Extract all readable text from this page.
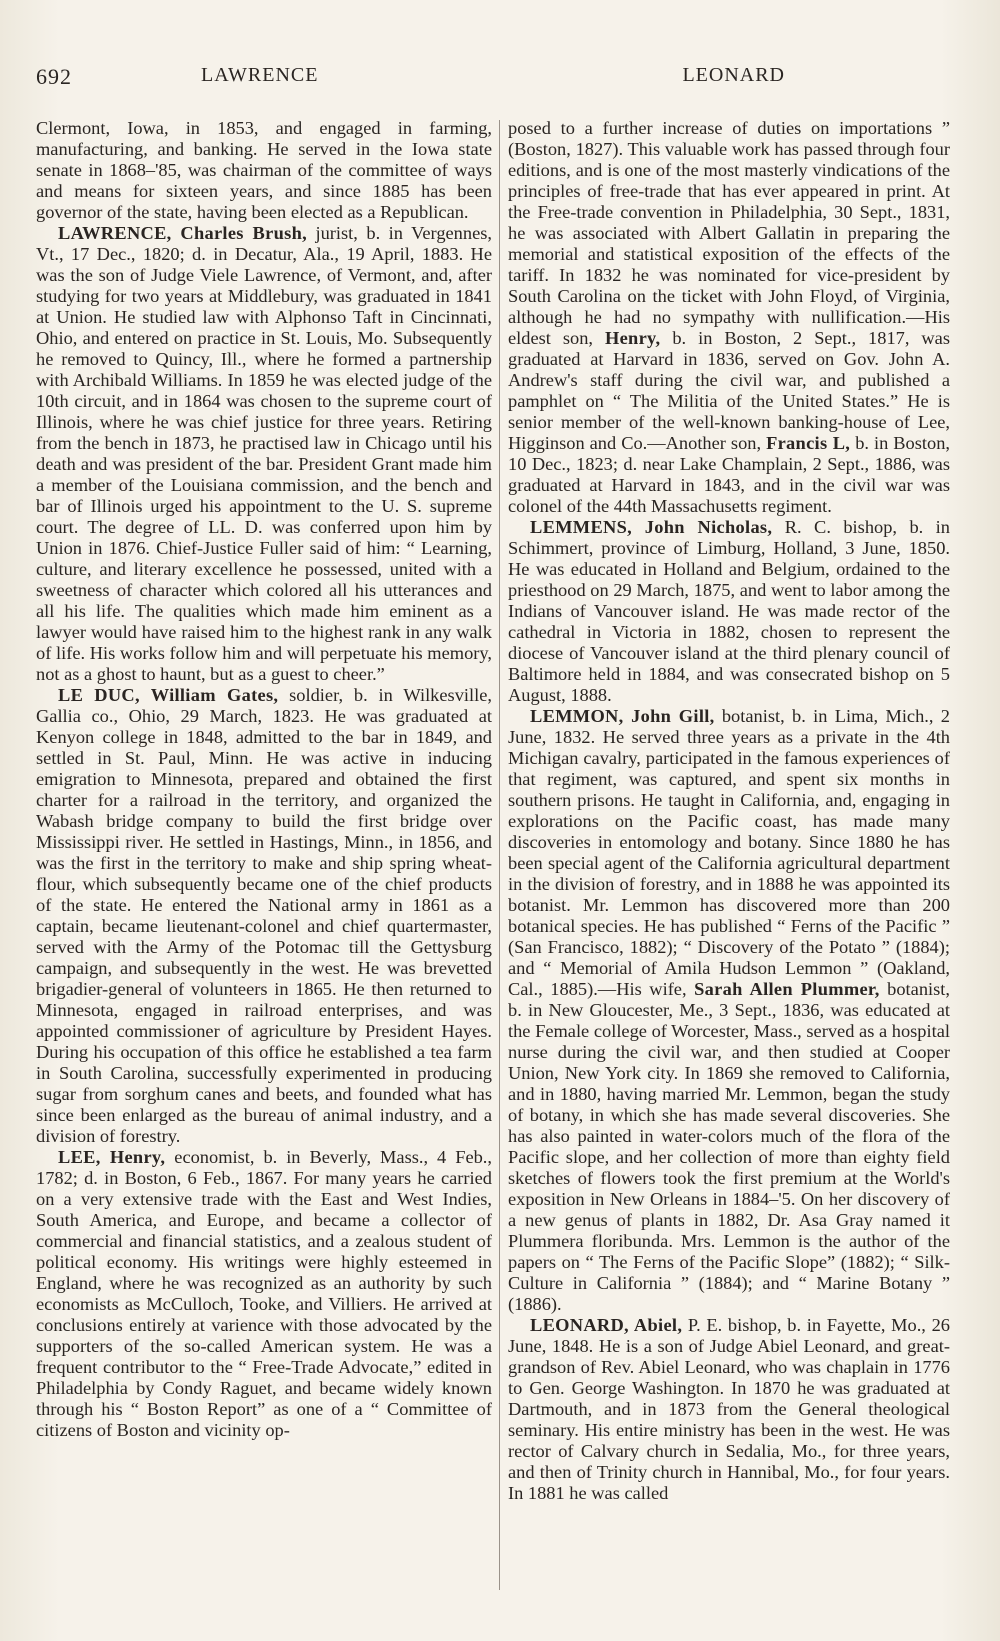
692	LAWRENCE	LEONARD

Clermont, Iowa, in 1853, and engaged in farming, manufacturing, and banking. He served in the Iowa state senate in 1868–'85, was chairman of the committee of ways and means for sixteen years, and since 1885 has been governor of the state, having been elected as a Republican.

LAWRENCE, Charles Brush, jurist, b. in Vergennes, Vt., 17 Dec., 1820; d. in Decatur, Ala., 19 April, 1883. He was the son of Judge Viele Lawrence, of Vermont, and, after studying for two years at Middlebury, was graduated in 1841 at Union. He studied law with Alphonso Taft in Cincinnati, Ohio, and entered on practice in St. Louis, Mo. Subsequently he removed to Quincy, Ill., where he formed a partnership with Archibald Williams. In 1859 he was elected judge of the 10th circuit, and in 1864 was chosen to the supreme court of Illinois, where he was chief justice for three years. Retiring from the bench in 1873, he practised law in Chicago until his death and was president of the bar. President Grant made him a member of the Louisiana commission, and the bench and bar of Illinois urged his appointment to the U. S. supreme court. The degree of LL. D. was conferred upon him by Union in 1876. Chief-Justice Fuller said of him: “ Learning, culture, and literary excellence he possessed, united with a sweetness of character which colored all his utterances and all his life. The qualities which made him eminent as a lawyer would have raised him to the highest rank in any walk of life. His works follow him and will perpetuate his memory, not as a ghost to haunt, but as a guest to cheer.”

LE DUC, William Gates, soldier, b. in Wilkesville, Gallia co., Ohio, 29 March, 1823. He was graduated at Kenyon college in 1848, admitted to the bar in 1849, and settled in St. Paul, Minn. He was active in inducing emigration to Minnesota, prepared and obtained the first charter for a railroad in the territory, and organized the Wabash bridge company to build the first bridge over Mississippi river. He settled in Hastings, Minn., in 1856, and was the first in the territory to make and ship spring wheat-flour, which subsequently became one of the chief products of the state. He entered the National army in 1861 as a captain, became lieutenant-colonel and chief quartermaster, served with the Army of the Potomac till the Gettysburg campaign, and subsequently in the west. He was brevetted brigadier-general of volunteers in 1865. He then returned to Minnesota, engaged in railroad enterprises, and was appointed commissioner of agriculture by President Hayes. During his occupation of this office he established a tea farm in South Carolina, successfully experimented in producing sugar from sorghum canes and beets, and founded what has since been enlarged as the bureau of animal industry, and a division of forestry.

LEE, Henry, economist, b. in Beverly, Mass., 4 Feb., 1782; d. in Boston, 6 Feb., 1867. For many years he carried on a very extensive trade with the East and West Indies, South America, and Europe, and became a collector of commercial and financial statistics, and a zealous student of political economy. His writings were highly esteemed in England, where he was recognized as an authority by such economists as McCulloch, Tooke, and Villiers. He arrived at conclusions entirely at varience with those advocated by the supporters of the so-called American system. He was a frequent contributor to the “ Free-Trade Advocate,” edited in Philadelphia by Condy Raguet, and became widely known through his “ Boston Report” as one of a “ Committee of citizens of Boston and vicinity op-

posed to a further increase of duties on importations ” (Boston, 1827). This valuable work has passed through four editions, and is one of the most masterly vindications of the principles of free-trade that has ever appeared in print. At the Free-trade convention in Philadelphia, 30 Sept., 1831, he was associated with Albert Gallatin in preparing the memorial and statistical exposition of the effects of the tariff. In 1832 he was nominated for vice-president by South Carolina on the ticket with John Floyd, of Virginia, although he had no sympathy with nullification.—His eldest son, Henry, b. in Boston, 2 Sept., 1817, was graduated at Harvard in 1836, served on Gov. John A. Andrew's staff during the civil war, and published a pamphlet on “ The Militia of the United States.” He is senior member of the well-known banking-house of Lee, Higginson and Co.—Another son, Francis L, b. in Boston, 10 Dec., 1823; d. near Lake Champlain, 2 Sept., 1886, was graduated at Harvard in 1843, and in the civil war was colonel of the 44th Massachusetts regiment.

LEMMENS, John Nicholas, R. C. bishop, b. in Schimmert, province of Limburg, Holland, 3 June, 1850. He was educated in Holland and Belgium, ordained to the priesthood on 29 March, 1875, and went to labor among the Indians of Vancouver island. He was made rector of the cathedral in Victoria in 1882, chosen to represent the diocese of Vancouver island at the third plenary council of Baltimore held in 1884, and was consecrated bishop on 5 August, 1888.

LEMMON, John Gill, botanist, b. in Lima, Mich., 2 June, 1832. He served three years as a private in the 4th Michigan cavalry, participated in the famous experiences of that regiment, was captured, and spent six months in southern prisons. He taught in California, and, engaging in explorations on the Pacific coast, has made many discoveries in entomology and botany. Since 1880 he has been special agent of the California agricultural department in the division of forestry, and in 1888 he was appointed its botanist. Mr. Lemmon has discovered more than 200 botanical species. He has published “ Ferns of the Pacific ” (San Francisco, 1882); “ Discovery of the Potato ” (1884); and “ Memorial of Amila Hudson Lemmon ” (Oakland, Cal., 1885).—His wife, Sarah Allen Plummer, botanist, b. in New Gloucester, Me., 3 Sept., 1836, was educated at the Female college of Worcester, Mass., served as a hospital nurse during the civil war, and then studied at Cooper Union, New York city. In 1869 she removed to California, and in 1880, having married Mr. Lemmon, began the study of botany, in which she has made several discoveries. She has also painted in water-colors much of the flora of the Pacific slope, and her collection of more than eighty field sketches of flowers took the first premium at the World's exposition in New Orleans in 1884–'5. On her discovery of a new genus of plants in 1882, Dr. Asa Gray named it Plummera floribunda. Mrs. Lemmon is the author of the papers on “ The Ferns of the Pacific Slope” (1882); “ Silk-Culture in California ” (1884); and “ Marine Botany ” (1886).

LEONARD, Abiel, P. E. bishop, b. in Fayette, Mo., 26 June, 1848. He is a son of Judge Abiel Leonard, and great-grandson of Rev. Abiel Leonard, who was chaplain in 1776 to Gen. George Washington. In 1870 he was graduated at Dartmouth, and in 1873 from the General theological seminary. His entire ministry has been in the west. He was rector of Calvary church in Sedalia, Mo., for three years, and then of Trinity church in Hannibal, Mo., for four years. In 1881 he was called
